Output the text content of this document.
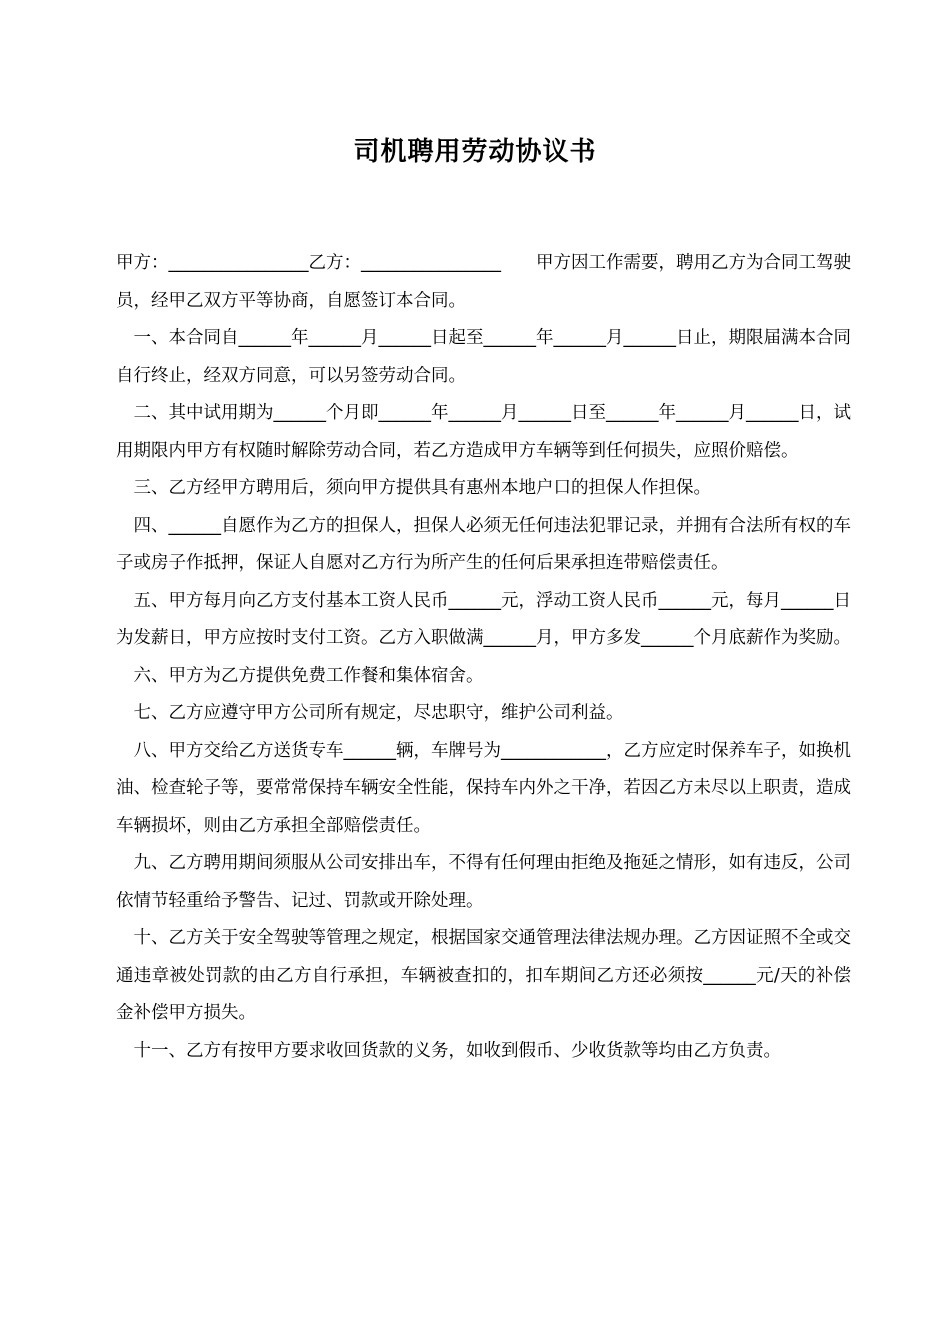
司机聘用劳动协议书

甲方：________________乙方：________________　　甲方因工作需要，聘用乙方为合同工驾驶员，经甲乙双方平等协商，自愿签订本合同。

　一、本合同自______年______月______日起至______年______月______日止，期限届满本合同自行终止，经双方同意，可以另签劳动合同。

　二、其中试用期为______个月即______年______月______日至______年______月______日，试用期限内甲方有权随时解除劳动合同，若乙方造成甲方车辆等到任何损失，应照价赔偿。

　三、乙方经甲方聘用后，须向甲方提供具有惠州本地户口的担保人作担保。

　四、______自愿作为乙方的担保人，担保人必须无任何违法犯罪记录，并拥有合法所有权的车子或房子作抵押，保证人自愿对乙方行为所产生的任何后果承担连带赔偿责任。

　五、甲方每月向乙方支付基本工资人民币______元，浮动工资人民币______元，每月______日为发薪日，甲方应按时支付工资。乙方入职做满______月，甲方多发______个月底薪作为奖励。

　六、甲方为乙方提供免费工作餐和集体宿舍。

　七、乙方应遵守甲方公司所有规定，尽忠职守，维护公司利益。

　八、甲方交给乙方送货专车______辆，车牌号为____________，乙方应定时保养车子，如换机油、检查轮子等，要常常保持车辆安全性能，保持车内外之干净，若因乙方未尽以上职责，造成车辆损坏，则由乙方承担全部赔偿责任。

　九、乙方聘用期间须服从公司安排出车，不得有任何理由拒绝及拖延之情形，如有违反，公司依情节轻重给予警告、记过、罚款或开除处理。

　十、乙方关于安全驾驶等管理之规定，根据国家交通管理法律法规办理。乙方因证照不全或交通违章被处罚款的由乙方自行承担，车辆被查扣的，扣车期间乙方还必须按______元/天的补偿金补偿甲方损失。

　十一、乙方有按甲方要求收回货款的义务，如收到假币、少收货款等均由乙方负责。
